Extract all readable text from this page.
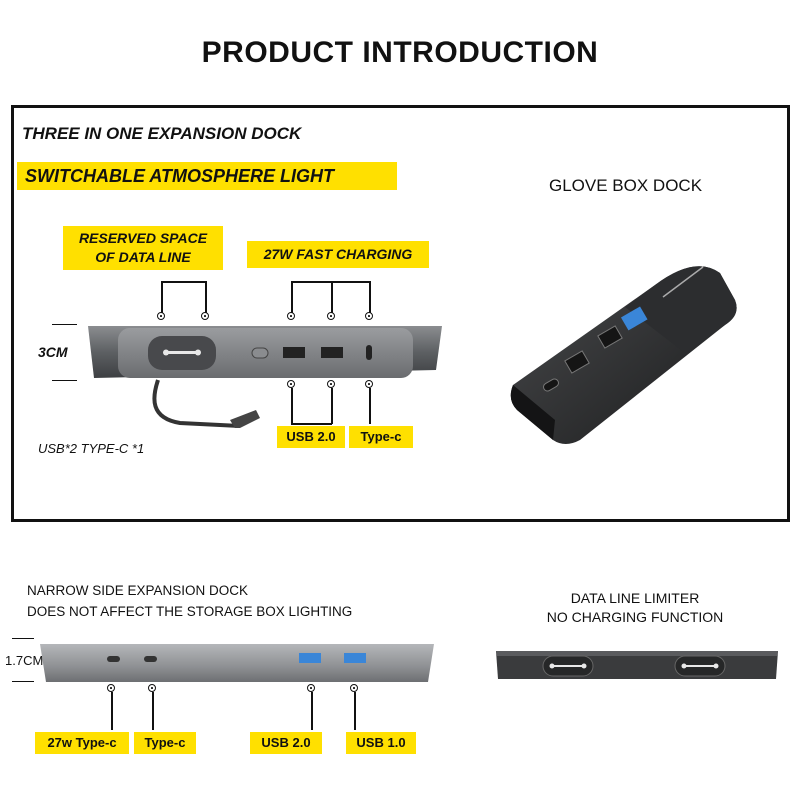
PRODUCT INTRODUCTION
THREE IN ONE EXPANSION DOCK
SWITCHABLE ATMOSPHERE LIGHT
RESERVED SPACE
OF DATA LINE	27W FAST CHARGING
3CM
USB*2 TYPE-C *1
USB 2.0	Type-c
GLOVE BOX DOCK
NARROW SIDE EXPANSION DOCK
DOES NOT AFFECT THE STORAGE BOX LIGHTING
1.7CM
27w Type-c	Type-c	USB 2.0	USB 1.0
DATA LINE LIMITER
NO CHARGING FUNCTION
